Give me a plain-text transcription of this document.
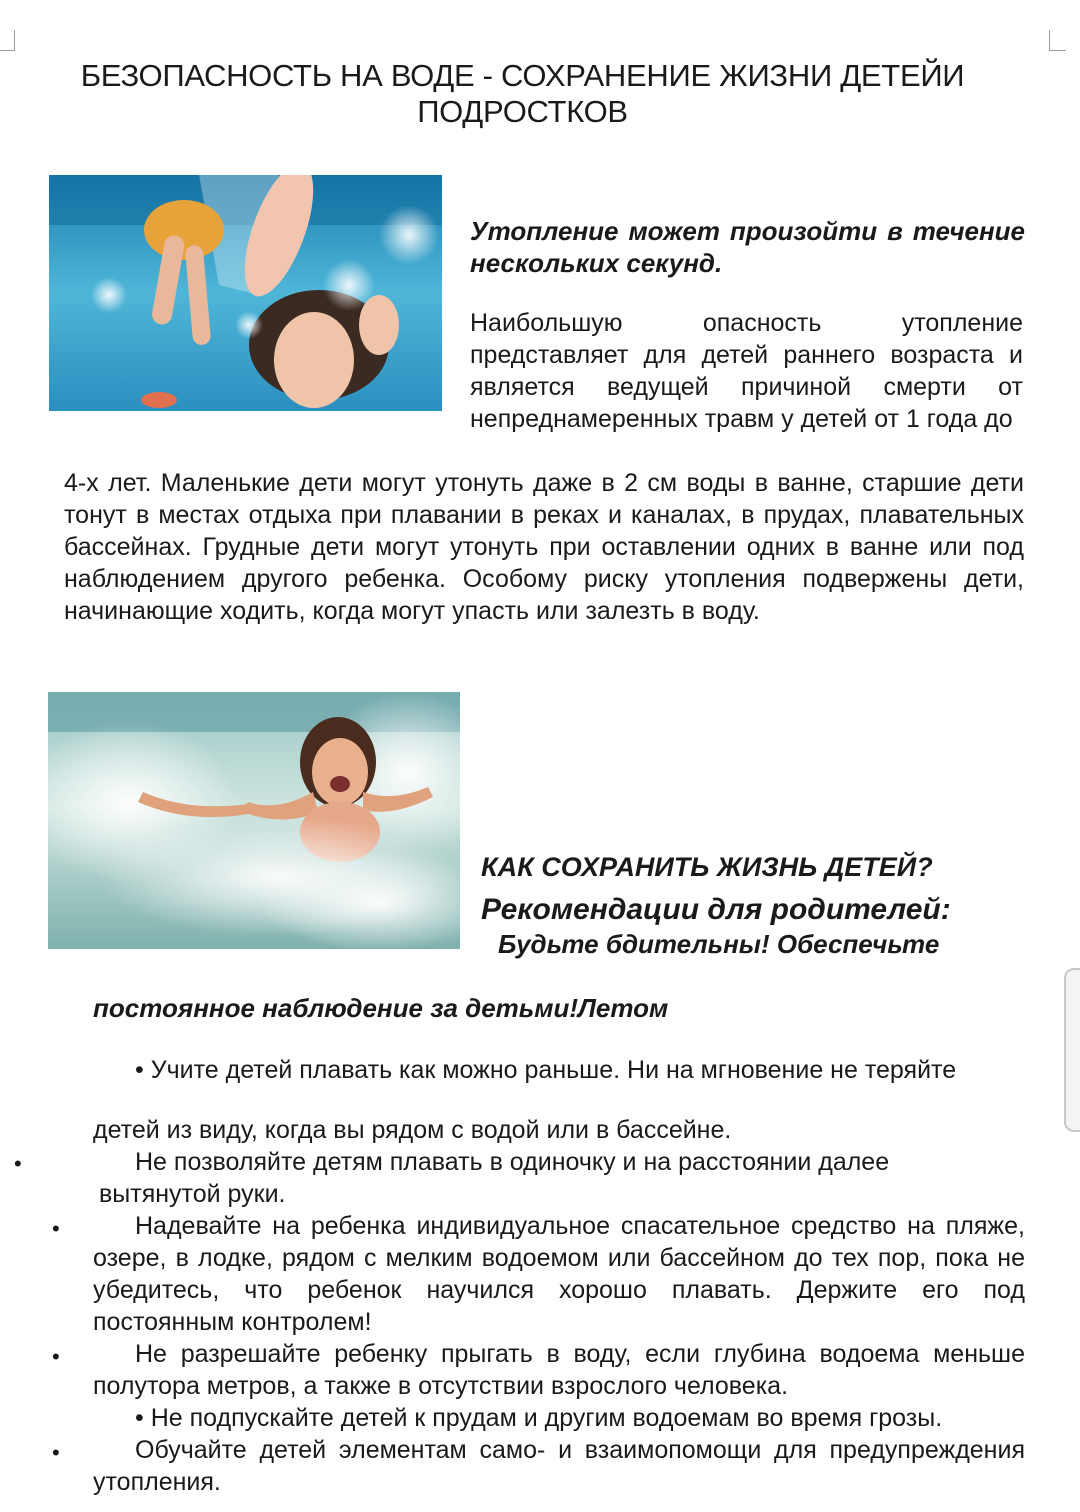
БЕЗОПАСНОСТЬ НА ВОДЕ - СОХРАНЕНИЕ ЖИЗНИ ДЕТЕЙИ ПОДРОСТКОВ

Утопление может произойти в течение нескольких секунд.

Наибольшую опасность утопление представляет для детей раннего возраста и является ведущей причиной смерти от непреднамеренных травм у детей от 1 года до

4-х лет. Маленькие дети могут утонуть даже в 2 см воды в ванне, старшие дети тонут в местах отдыха при плавании в реках и каналах, в прудах, плавательных бассейнах. Грудные дети могут утонуть при оставлении одних в ванне или под наблюдением другого ребенка. Особому риску утопления подвержены дети, начинающие ходить, когда могут упасть или залезть в воду.

КАК СОХРАНИТЬ ЖИЗНЬ ДЕТЕЙ?

Рекомендации для родителей:

Будьте бдительны! Обеспечьте

постоянное наблюдение за детьми!Летом

• Учите детей плавать как можно раньше. Ни на мгновение не теряйте

детей из виду, когда вы рядом с водой или в бассейне.

•	Не позволяйте детям плавать в одиночку и на расстоянии далее
вытянутой руки.

•	Надевайте на ребенка индивидуальное спасательное средство на пляже, озере, в лодке, рядом с мелким водоемом или бассейном до тех пор, пока не убедитесь, что ребенок научился хорошо плавать. Держите его под постоянным контролем!

•	Не разрешайте ребенку прыгать в воду, если глубина водоема меньше полутора метров, а также в отсутствии взрослого человека.

• Не подпускайте детей к прудам и другим водоемам во время грозы.

•	Обучайте детей элементам само- и взаимопомощи для предупреждения утопления.
